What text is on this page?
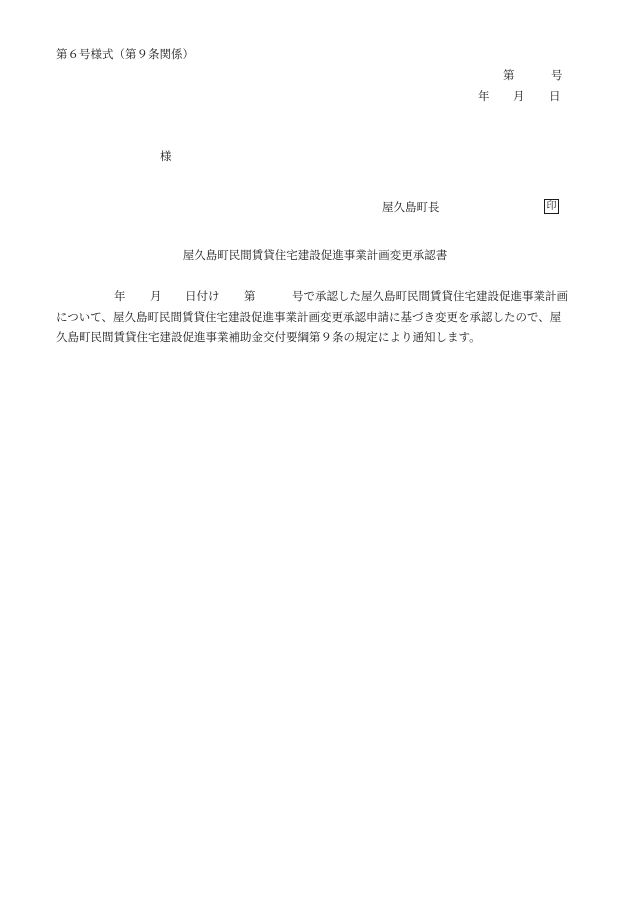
第６号様式（第９条関係）
第	号
年 月 日
様
屋久島町長	印
屋久島町民間賃貸住宅建設促進事業計画変更承認書
年 月 日付け 第	号で承認した屋久島町民間賃貸住宅建設促進事業計画
について、屋久島町民間賃貸住宅建設促進事業計画変更承認申請に基づき変更を承認したので、屋
久島町民間賃貸住宅建設促進事業補助金交付要綱第９条の規定により通知します。
